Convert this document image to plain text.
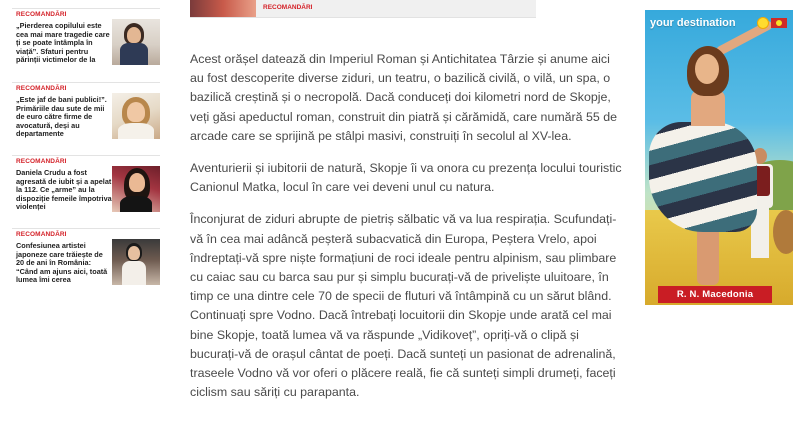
RECOMANDĂRI
„Pierderea copilului este cea mai mare tragedie care ți se poate întâmpla în viață”. Sfaturi pentru părinții victimelor de la
RECOMANDĂRI
„Este jaf de bani publici!”. Primăriile dau sute de mii de euro către firme de avocatură, deși au departamente
RECOMANDĂRI
Daniela Crudu a fost agresată de iubit și a apelat la 112. Ce „arme” au la dispoziție femeile împotriva violenței
RECOMANDĂRI
Confesiunea artistei japoneze care trăiește de 20 de ani în România: “Când am ajuns aici, toată lumea îmi cerea
RECOMANDĂRI

Acest orășel datează din Imperiul Roman și Antichitatea Târzie și anume aici au fost descoperite diverse ziduri, un teatru, o bazilică civilă, o vilă, un spa, o bazilică creștină și o necropolă. Dacă conduceți doi kilometri nord de Skopje, veți găsi apeductul roman, construit din piatră și cărămidă, care numără 55 de arcade care se sprijină pe stâlpi masivi, construiți în secolul al XV-lea.

Aventurierii și iubitorii de natură, Skopje îi va onora cu prezența locului touristic Canionul Matka, locul în care vei deveni unul cu natura.

Înconjurat de ziduri abrupte de pietriș sălbatic vă va lua respirația. Scufundați-vă în cea mai adâncă peșteră subacvatică din Europa, Peștera Vrelo, apoi îndreptați-vă spre niște formațiuni de roci ideale pentru alpinism, sau plimbare cu caiac sau cu barca sau pur și simplu bucurați-vă de priveliște uluitoare, în timp ce una dintre cele 70 de specii de fluturi vă întâmpină cu un sărut blând. Continuați spre Vodno. Dacă întrebați locuitorii din Skopje unde arată cel mai bine Skopje, toată lumea vă va răspunde „Vidikoveț”, opriți-vă o clipă și bucurați-vă de orașul cântat de poeți. Dacă sunteți un pasionat de adrenalină, traseele Vodno vă vor oferi o plăcere reală, fie că sunteți simpli drumeți, faceți ciclism sau săriți cu parapanta.

your destination
R. N. Macedonia
